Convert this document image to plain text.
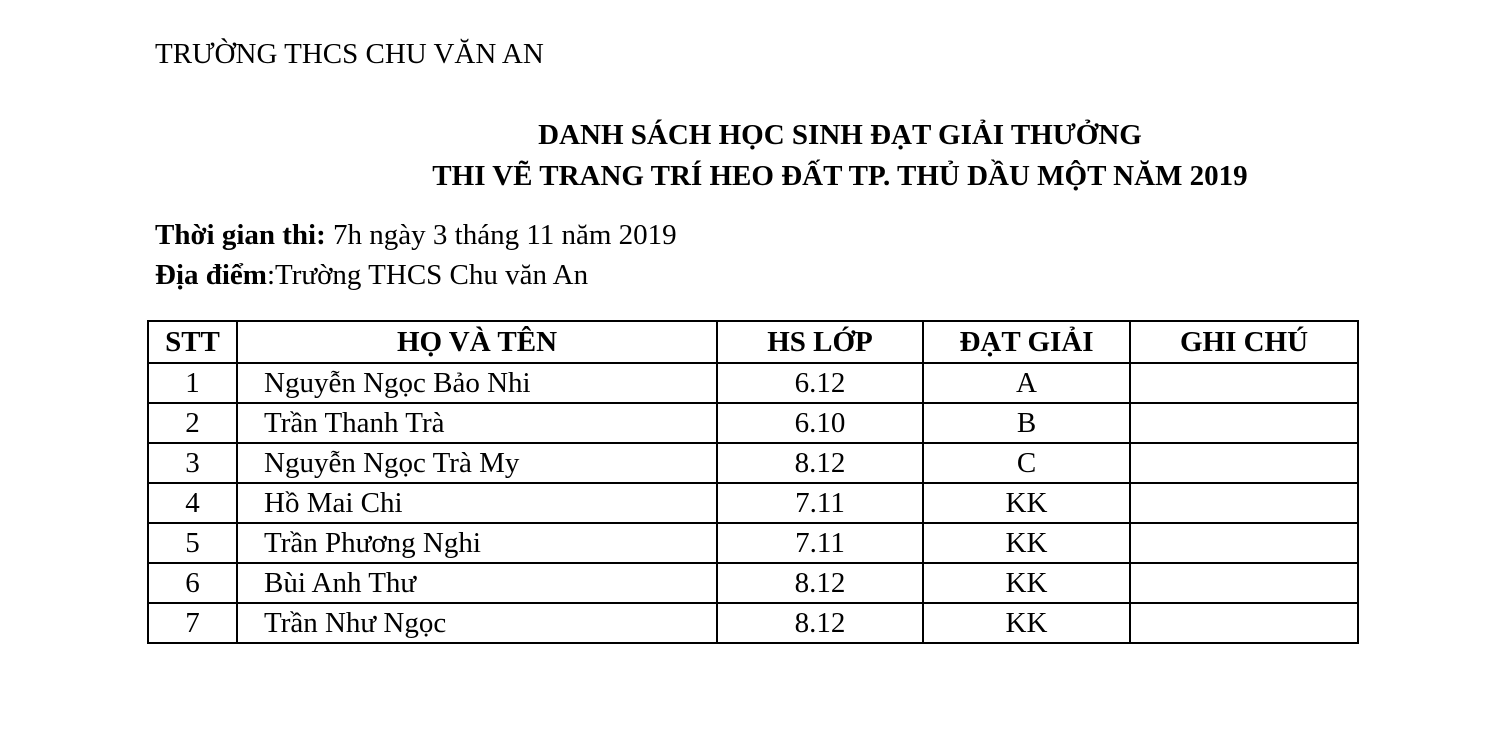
TRƯỜNG THCS CHU VĂN AN
DANH SÁCH HỌC SINH ĐẠT GIẢI THƯỞNG
THI VẼ TRANG TRÍ HEO ĐẤT TP. THỦ DẦU MỘT NĂM 2019
Thời gian thi: 7h ngày 3 tháng 11 năm 2019
Địa điểm:Trường THCS Chu văn An
STT	HỌ VÀ TÊN	HS LỚP	ĐẠT GIẢI	GHI CHÚ
1	Nguyễn Ngọc Bảo Nhi	6.12	A	
2	Trần Thanh Trà	6.10	B	
3	Nguyễn Ngọc Trà My	8.12	C	
4	Hồ Mai Chi	7.11	KK	
5	Trần Phương Nghi	7.11	KK	
6	Bùi Anh Thư	8.12	KK	
7	Trần Như Ngọc	8.12	KK	
